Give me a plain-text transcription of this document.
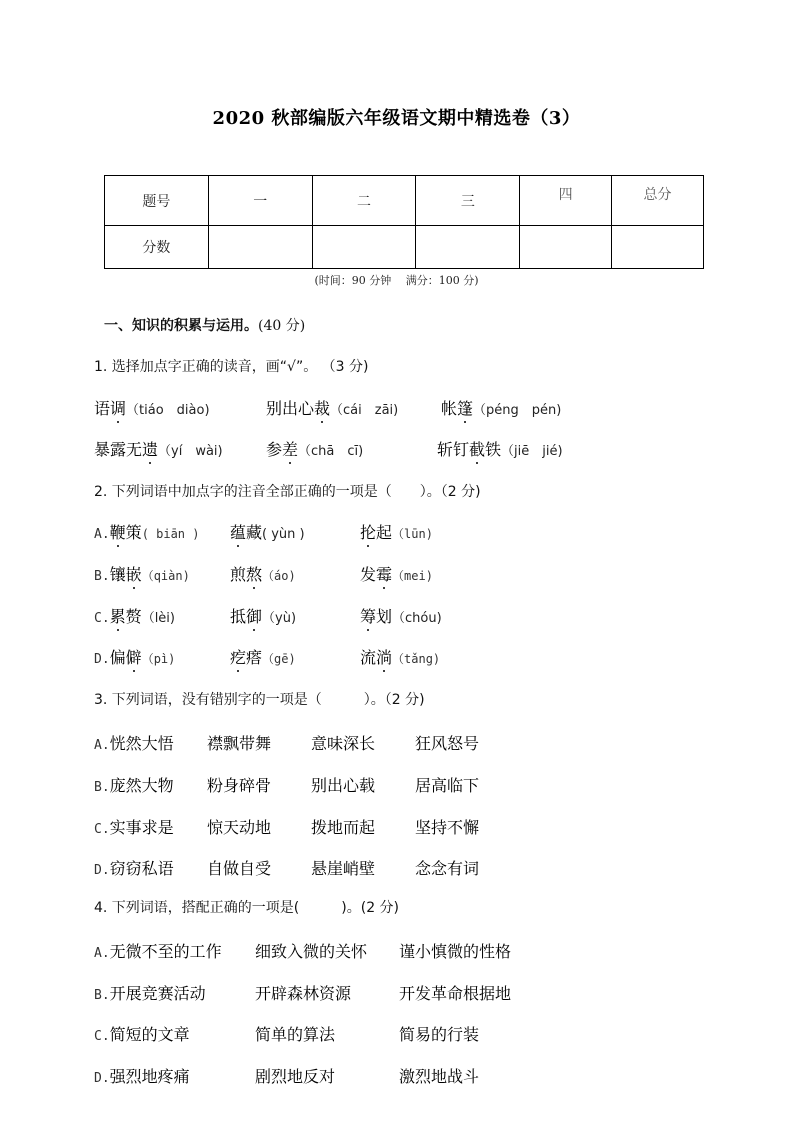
2020 秋部编版六年级语文期中精选卷（3）
题号	一	二	三	四	总分
分数					
(时间：90 分钟　 满分：100 分)
一、知识的积累与运用。(40 分)
1. 选择加点字正确的读音，画“√”。 （3 分)
语调（tiáo　diào)	别出心裁（cái　zāi)	帐篷（péng　pén)
暴露无遗（yí　wài)	参差（chā　cī)	斩钉截铁（jiē　jié)
2. 下列词语中加点字的注音全部正确的一项是（　　）。（2 分)
A.鞭策( biān ) 蕴藏( yùn )	抡起（lūn)
B.镶嵌（qiàn)	煎熬（áo)	发霉（mei)
C.累赘（lèi)	抵御（yù)	筹划（chóu)
D.偏僻（pì)	疙瘩（gē)	流淌（tǎng)
3. 下列词语，没有错别字的一项是（　　　）。（2 分)
A.恍然大悟 襟飘带舞 意味深长 狂风怒号
B.庞然大物 粉身碎骨 别出心载 居高临下
C.实事求是 惊天动地 拨地而起 坚持不懈
D.窃窃私语 自做自受 悬崖峭壁 念念有词
4. 下列词语，搭配正确的一项是(　　　)。(2 分)
A.无微不至的工作 细致入微的关怀 谨小慎微的性格
B.开展竞赛活动	开辟森林资源	开发革命根据地
C.简短的文章	简单的算法	简易的行装
D.强烈地疼痛	剧烈地反对	激烈地战斗
